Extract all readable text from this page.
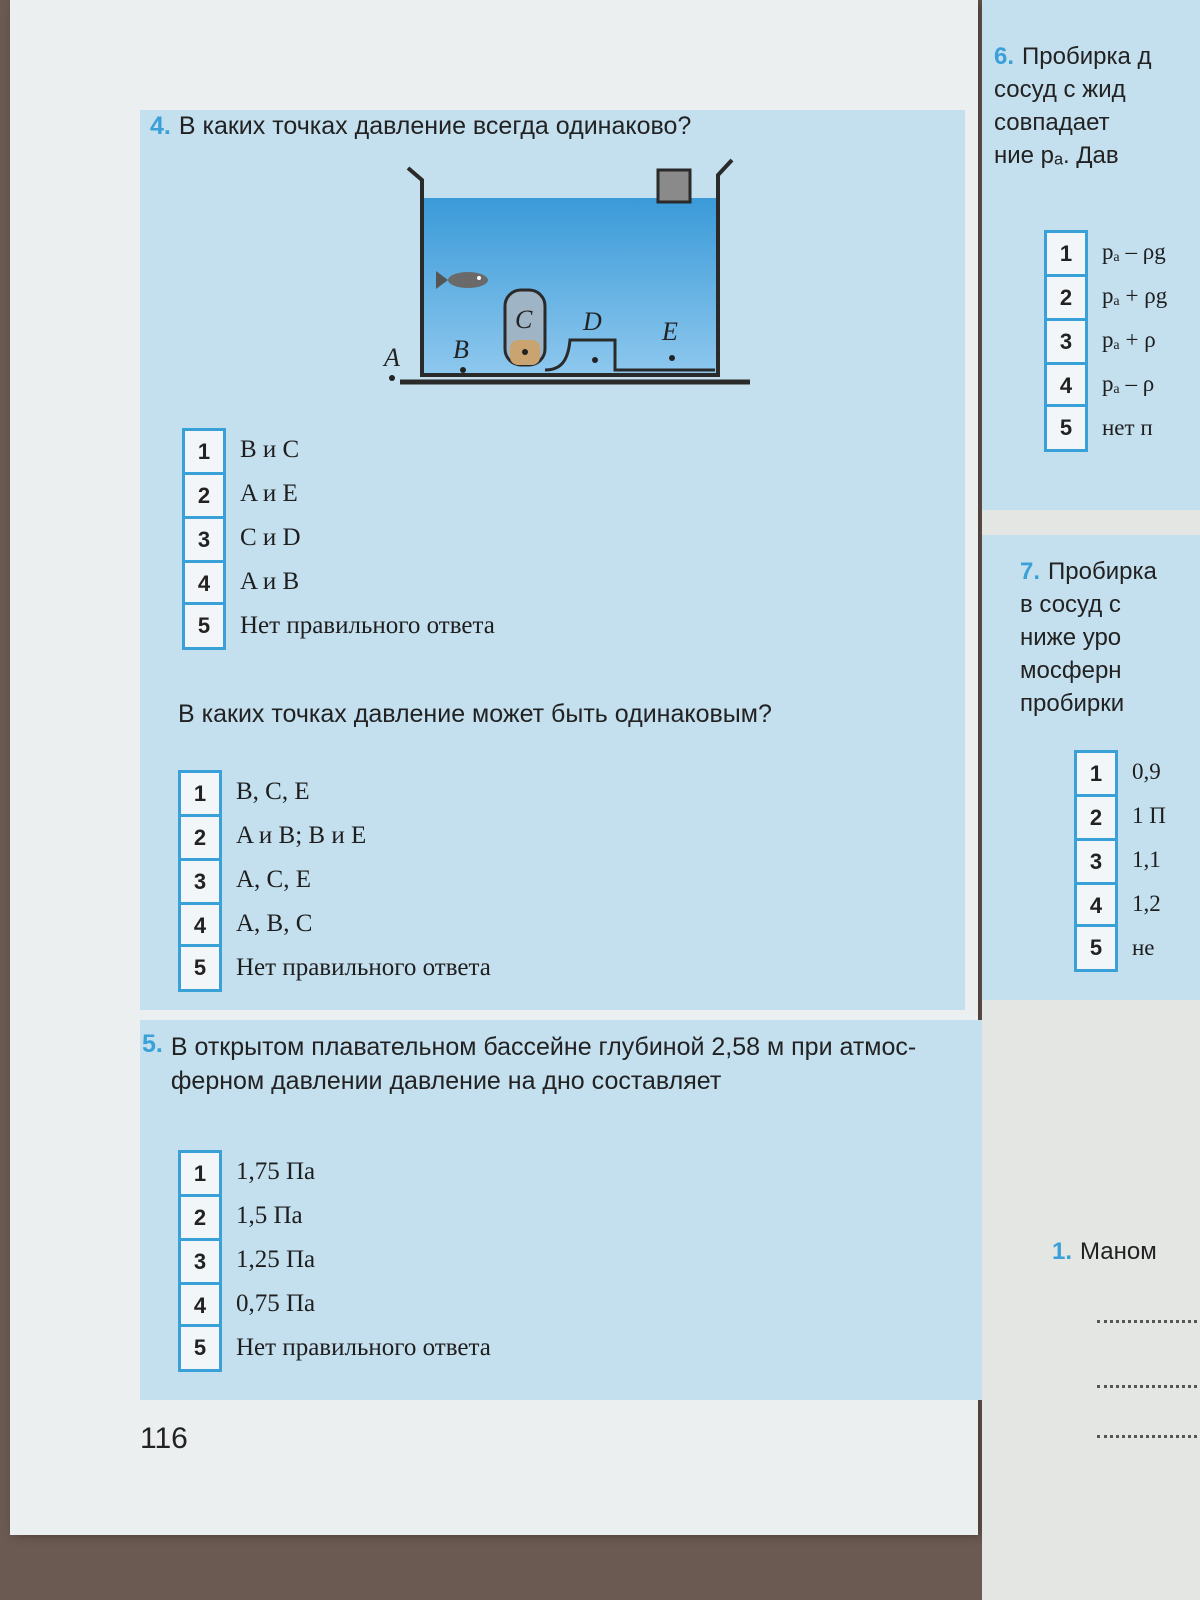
4. В каких точках давление всегда одинаково?
A B
C D E
1	B и C
2	A и E
3	C и D
4	A и B
5	Нет правильного ответа
В каких точках давление может быть одинаковым?
1	B, C, E
2	A и B; B и E
3	A, C, E
4	A, B, C
5	Нет правильного ответа
5. В открытом плавательном бассейне глубиной 2,58 м при атмос-
ферном давлении давление на дно составляет
1	1,75 Па
2	1,5 Па
3	1,25 Па
4	0,75 Па
5	Нет правильного ответа
116
6. Пробирка д
сосуд с жид
совпадает
ние pₐ. Дав
1	pₐ – ρg
2	pₐ + ρg
3	pₐ + ρ
4	pₐ – ρ
5	нет п
7. Пробирка
в сосуд с
ниже уро
мосферн
пробирки
1	0,9
2	1 П
3	1,1
4	1,2
5	не
1. Маном
